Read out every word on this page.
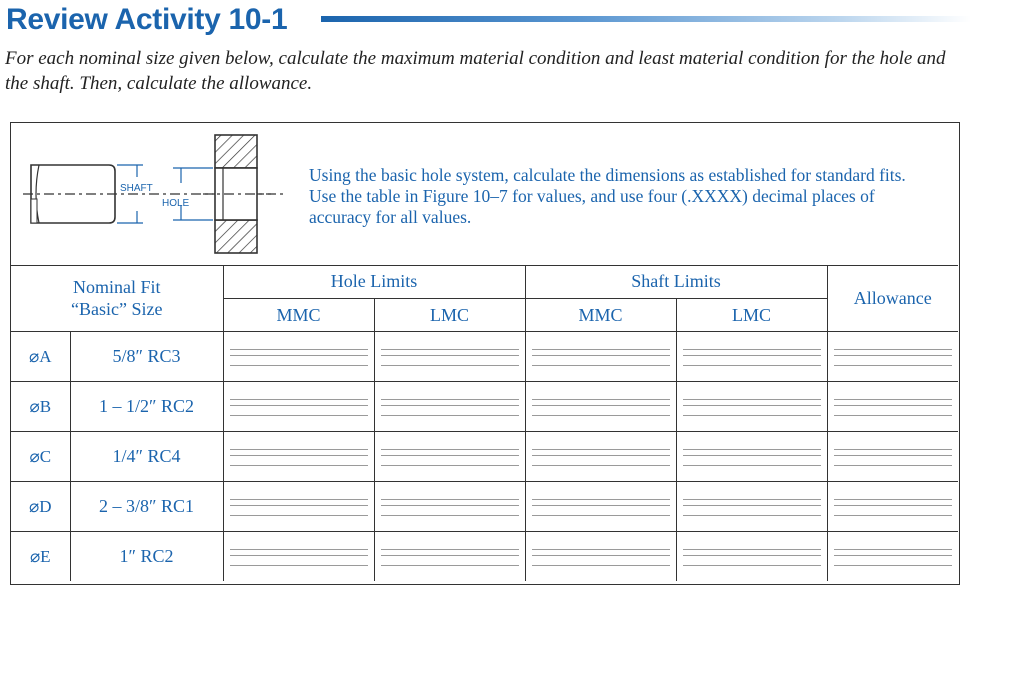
Review Activity 10-1
For each nominal size given below, calculate the maximum material condition and least material condition for the hole and the shaft. Then, calculate the allowance.
SHAFT
HOLE
Using the basic hole system, calculate the dimensions as established for standard fits. Use the table in Figure 10–7 for values, and use four (.XXXX) decimal places of accuracy for all values.
Nominal Fit “Basic” Size		Hole Limits		Shaft Limits		Allowance
		MMC	LMC	MMC	LMC	
⌀A	5/8″ RC3	

⌀B	1 – 1/2″ RC2	

⌀C	1/4″ RC4	

⌀D	2 – 3/8″ RC1	

⌀E	1″ RC2	
